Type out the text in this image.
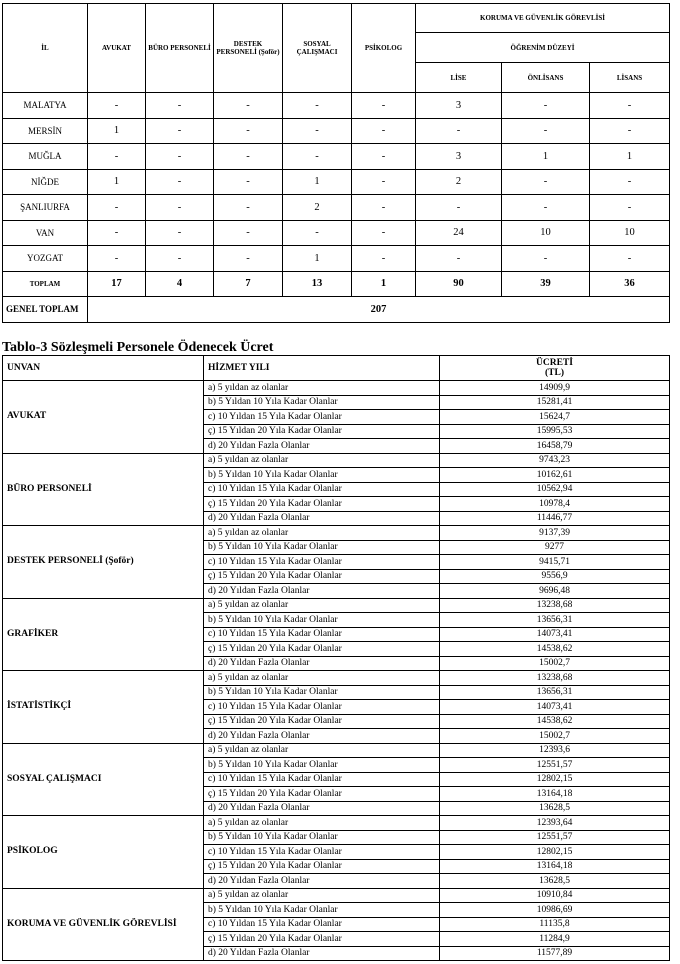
İL	AVUKAT	BÜRO PERSONELİ	DESTEK PERSONELİ (Şoför)	SOSYAL ÇALIŞMACI	PSİKOLOG	KORUMA VE GÜVENLİK GÖREVLİSİ		
						ÖĞRENİM DÜZEYİ		
						LİSE	ÖNLİSANS	LİSANS
MALATYA	-	-	-	-	-	3	-	-
MERSİN	1	-	-	-	-	-	-	-
MUĞLA	-	-	-	-	-	3	1	1
NİĞDE	1	-	-	1	-	2	-	-
ŞANLIURFA	-	-	-	2	-	-	-	-
VAN	-	-	-	-	-	24	10	10
YOZGAT	-	-	-	1	-	-	-	-
TOPLAM	17	4	7	13	1	90	39	36
GENEL TOPLAM	207							
Tablo-3 Sözleşmeli Personele Ödenecek Ücret
UNVAN	HİZMET YILI	ÜCRETİ
(TL)

AVUKAT	a) 5 yıldan az olanlar	14909,9
	b) 5 Yıldan 10 Yıla Kadar Olanlar	15281,41
	c) 10 Yıldan 15 Yıla Kadar Olanlar	15624,7
	ç) 15 Yıldan 20 Yıla Kadar Olanlar	15995,53
	d) 20 Yıldan Fazla Olanlar	16458,79
BÜRO PERSONELİ	a) 5 yıldan az olanlar	9743,23
	b) 5 Yıldan 10 Yıla Kadar Olanlar	10162,61
	c) 10 Yıldan 15 Yıla Kadar Olanlar	10562,94
	ç) 15 Yıldan 20 Yıla Kadar Olanlar	10978,4
	d) 20 Yıldan Fazla Olanlar	11446,77
DESTEK PERSONELİ (Şoför)	a) 5 yıldan az olanlar	9137,39
	b) 5 Yıldan 10 Yıla Kadar Olanlar	9277
	c) 10 Yıldan 15 Yıla Kadar Olanlar	9415,71
	ç) 15 Yıldan 20 Yıla Kadar Olanlar	9556,9
	d) 20 Yıldan Fazla Olanlar	9696,48
GRAFİKER	a) 5 yıldan az olanlar	13238,68
	b) 5 Yıldan 10 Yıla Kadar Olanlar	13656,31
	c) 10 Yıldan 15 Yıla Kadar Olanlar	14073,41
	ç) 15 Yıldan 20 Yıla Kadar Olanlar	14538,62
	d) 20 Yıldan Fazla Olanlar	15002,7
İSTATİSTİKÇİ	a) 5 yıldan az olanlar	13238,68
	b) 5 Yıldan 10 Yıla Kadar Olanlar	13656,31
	c) 10 Yıldan 15 Yıla Kadar Olanlar	14073,41
	ç) 15 Yıldan 20 Yıla Kadar Olanlar	14538,62
	d) 20 Yıldan Fazla Olanlar	15002,7
SOSYAL ÇALIŞMACI	a) 5 yıldan az olanlar	12393,6
	b) 5 Yıldan 10 Yıla Kadar Olanlar	12551,57
	c) 10 Yıldan 15 Yıla Kadar Olanlar	12802,15
	ç) 15 Yıldan 20 Yıla Kadar Olanlar	13164,18
	d) 20 Yıldan Fazla Olanlar	13628,5
PSİKOLOG	a) 5 yıldan az olanlar	12393,64
	b) 5 Yıldan 10 Yıla Kadar Olanlar	12551,57
	c) 10 Yıldan 15 Yıla Kadar Olanlar	12802,15
	ç) 15 Yıldan 20 Yıla Kadar Olanlar	13164,18
	d) 20 Yıldan Fazla Olanlar	13628,5
KORUMA VE GÜVENLİK GÖREVLİSİ	a) 5 yıldan az olanlar	10910,84
	b) 5 Yıldan 10 Yıla Kadar Olanlar	10986,69
	c) 10 Yıldan 15 Yıla Kadar Olanlar	11135,8
	ç) 15 Yıldan 20 Yıla Kadar Olanlar	11284,9
	d) 20 Yıldan Fazla Olanlar	11577,89
